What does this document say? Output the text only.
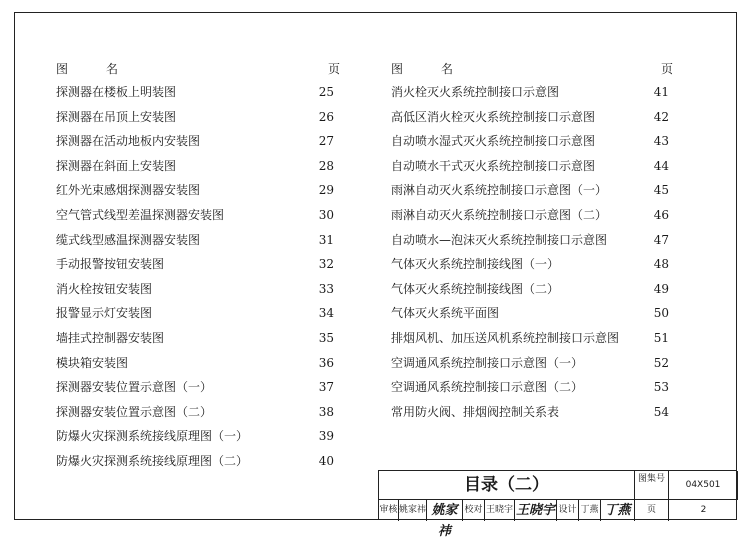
图	名	页
探测器在楼板上明装图	25
探测器在吊顶上安装图	26
探测器在活动地板内安装图	27
探测器在斜面上安装图	28
红外光束感烟探测器安装图	29
空气管式线型差温探测器安装图	30
缆式线型感温探测器安装图	31
手动报警按钮安装图	32
消火栓按钮安装图	33
报警显示灯安装图	34
墙挂式控制器安装图	35
模块箱安装图	36
探测器安装位置示意图（一）	37
探测器安装位置示意图（二）	38
防爆火灾探测系统接线原理图（一）	39
防爆火灾探测系统接线原理图（二）	40
图	名	页
消火栓灭火系统控制接口示意图	41
高低区消火栓灭火系统控制接口示意图	42
自动喷水湿式灭火系统控制接口示意图	43
自动喷水干式灭火系统控制接口示意图	44
雨淋自动灭火系统控制接口示意图（一）	45
雨淋自动灭火系统控制接口示意图（二）	46
自动喷水—泡沫灭火系统控制接口示意图	47
气体灭火系统控制接线图（一）	48
气体灭火系统控制接线图（二）	49
气体灭火系统平面图	50
排烟风机、加压送风机系统控制接口示意图	51
空调通风系统控制接口示意图（一）	52
空调通风系统控制接口示意图（二）	53
常用防火阀、排烟阀控制关系表	54
目录（二）	图集号
04X501
审核 姚家祎 姚家祎
校对 王晓宇 王晓宇 设计 丁燕 丁燕	页	2
